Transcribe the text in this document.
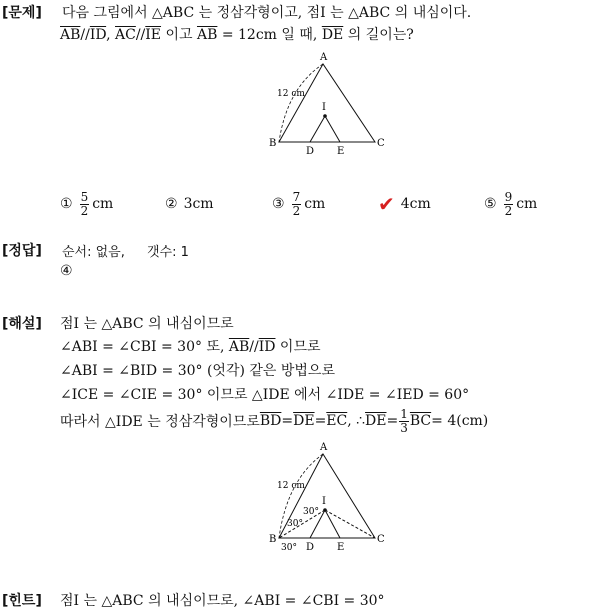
[문제] 다음 그림에서 △ABC 는 정삼각형이고, 점I 는 △ABC 의 내심이다.
$\overline{AB}//\overline{ID}$, $\overline{AC}//\overline{IE}$ 이고 $\overline{AB} = 12cm$ 일 때, $\overline{DE}$ 의 길이는?
A
B	C
I
D E
12 cm
① $\frac{5}{2}$ cm	② 3cm	③ $\frac{7}{2}$ cm	✔ 4cm	⑤ $\frac{9}{2}$ cm
[정답] 순서: 없음, 갯수: 1
④
[해설] 점I 는 △ABC 의 내심이므로
∠ABI = ∠CBI = 30° 또, $\overline{AB}//\overline{ID}$ 이므로
∠ABI = ∠BID = 30° (엇각) 같은 방법으로
∠ICE = ∠CIE = 30° 이므로 △IDE 에서 ∠IDE = ∠IED = 60°
따라서 △IDE 는 정삼각형이므로 $\overline{BD} = \overline{DE} = \overline{EC}$ , ∴ $\overline{DE} = \frac{1}{3} \overline{BC} = 4(cm)$
A
B	C
I
D E
12 cm
30°
30°
30°
[힌트] 점I 는 △ABC 의 내심이므로, ∠ABI = ∠CBI = 30°
